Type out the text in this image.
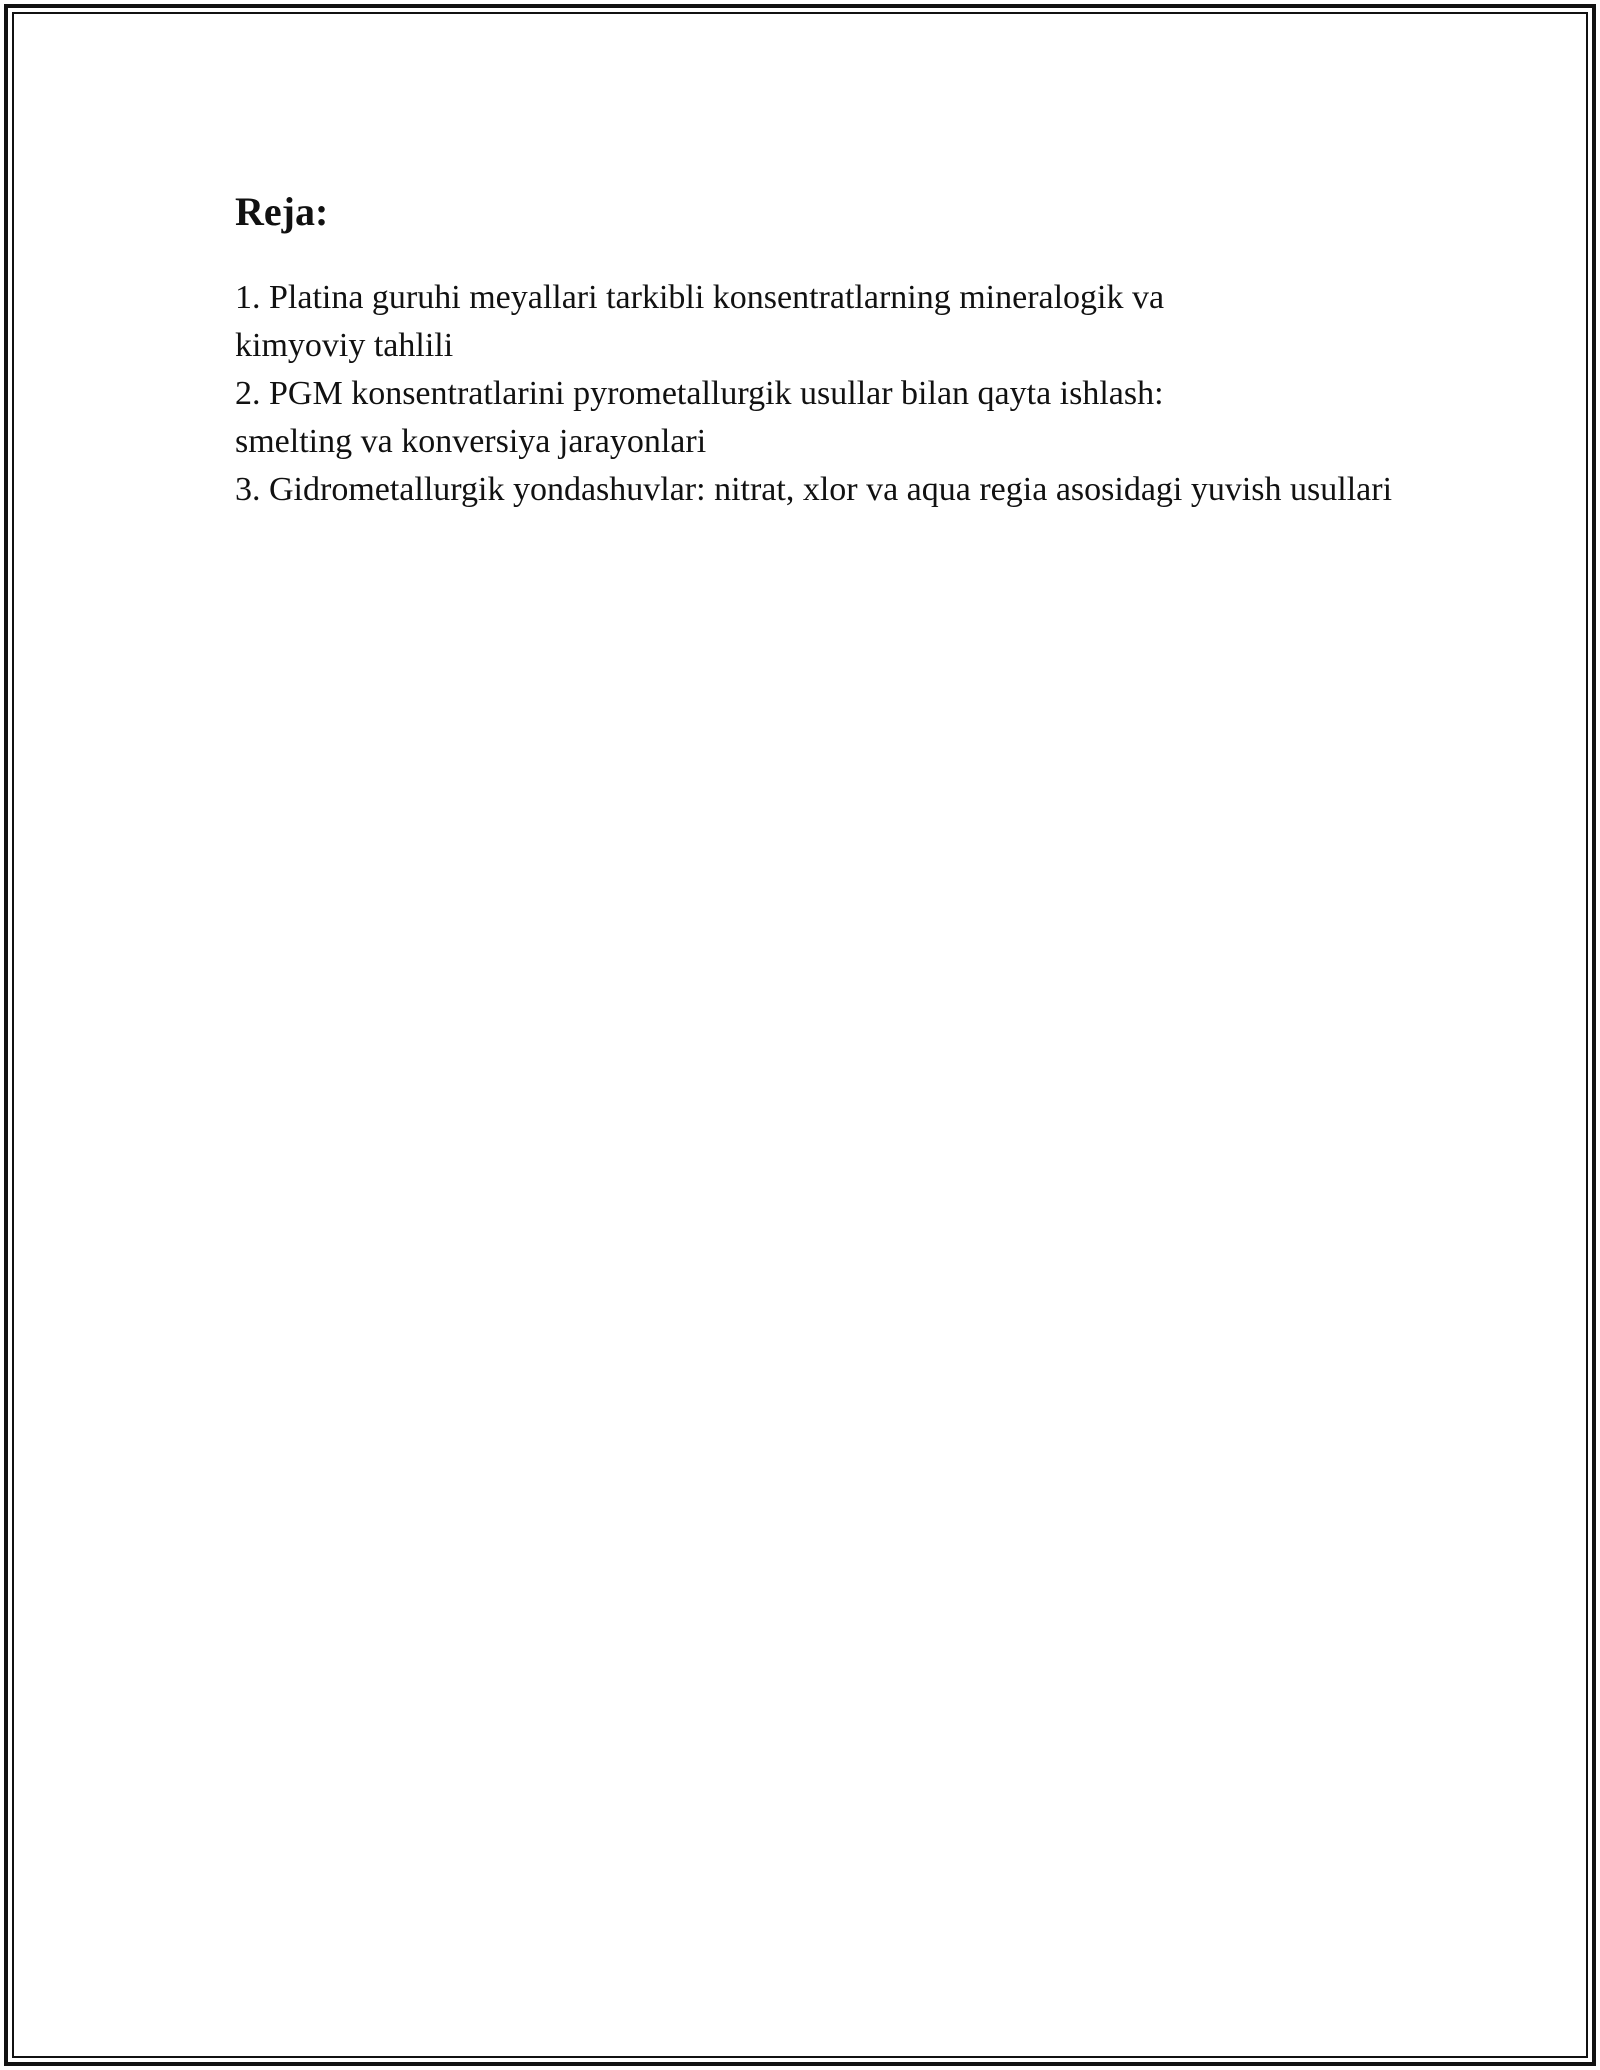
Reja:
1. Platina guruhi meyallari tarkibli konsentratlarning mineralogik va kimyoviy tahlili
2. PGM konsentratlarini pyrometallurgik usullar bilan qayta ishlash: smelting va konversiya jarayonlari
3. Gidrometallurgik yondashuvlar: nitrat, xlor va aqua regia asosidagi yuvish usullari
